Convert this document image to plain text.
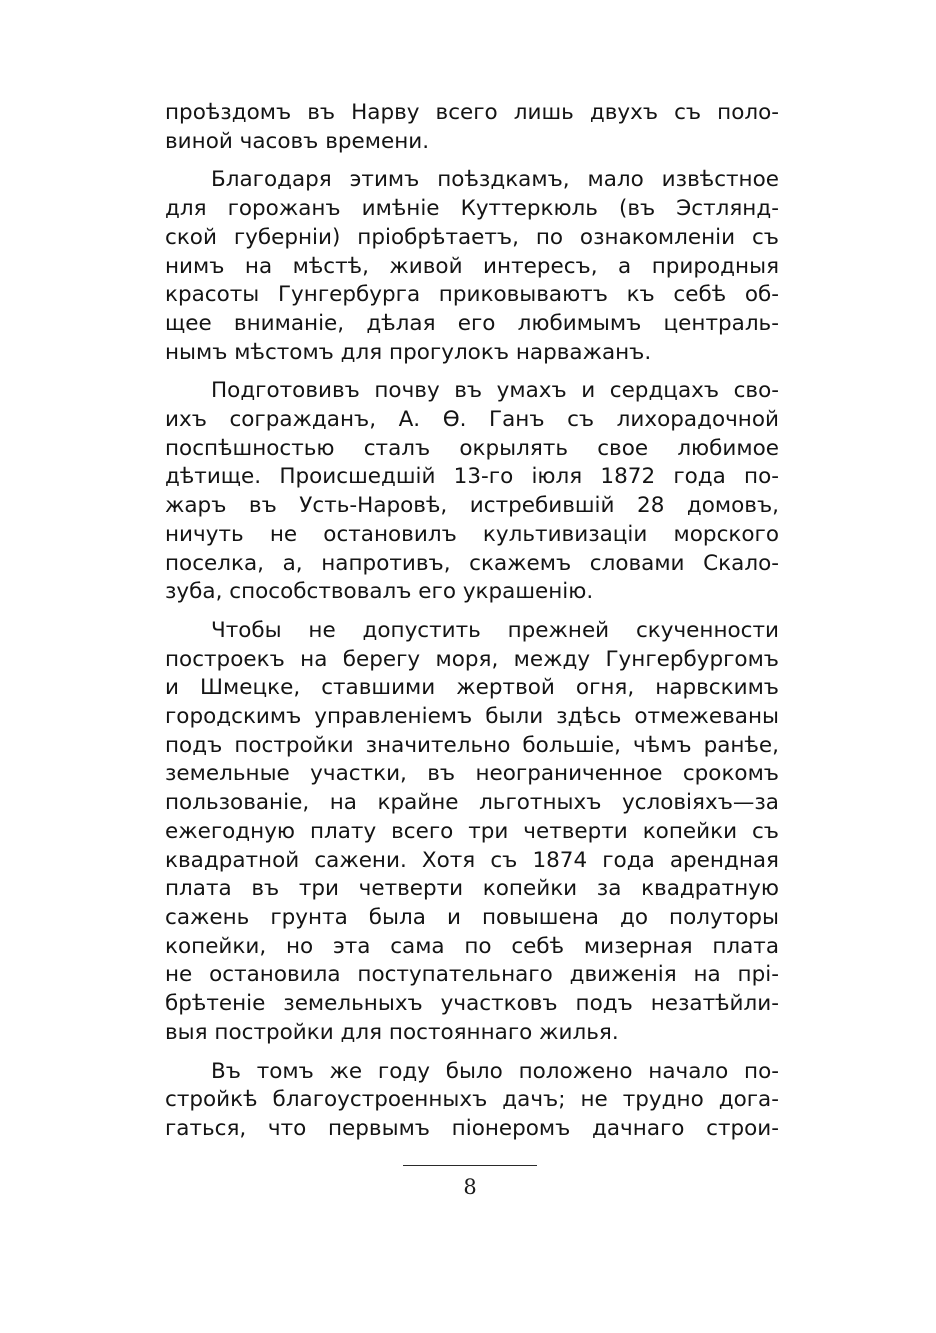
проѣздомъ въ Нарву всего лишь двухъ съ поло-
виной часовъ времени.

Благодаря этимъ поѣздкамъ, мало извѣстное
для горожанъ имѣніе Куттеркюль (въ Эстлянд-
ской губерніи) пріобрѣтаетъ, по ознакомленіи съ
нимъ на мѣстѣ, живой интересъ, а природныя
красоты Гунгербурга приковываютъ къ себѣ об-
щее вниманіе, дѣлая его любимымъ централь-
нымъ мѣстомъ для прогулокъ нарважанъ.

Подготовивъ почву въ умахъ и сердцахъ сво-
ихъ согражданъ, А. Ѳ. Ганъ съ лихорадочной
поспѣшностью сталъ окрылять свое любимое
дѣтище. Происшедшій 13-го іюля 1872 года по-
жаръ въ Усть-Наровѣ, истребившій 28 домовъ,
ничуть не остановилъ культивизаціи морского
поселка, а, напротивъ, скажемъ словами Скало-
зуба, способствовалъ его украшенію.

Чтобы не допустить прежней скученности
построекъ на берегу моря, между Гунгербургомъ
и Шмецке, ставшими жертвой огня, нарвскимъ
городскимъ управленіемъ были здѣсь отмежеваны
подъ постройки значительно большіе, чѣмъ ранѣе,
земельные участки, въ неограниченное срокомъ
пользованіе, на крайне льготныхъ условіяхъ—за
ежегодную плату всего три четверти копейки съ
квадратной сажени. Хотя съ 1874 года арендная
плата въ три четверти копейки за квадратную
сажень грунта была и повышена до полуторы
копейки, но эта сама по себѣ мизерная плата
не остановила поступательнаго движенія на прі-
брѣтеніе земельныхъ участковъ подъ незатѣйли-
выя постройки для постояннаго жилья.

Въ томъ же году было положено начало по-
стройкѣ благоустроенныхъ дачъ; не трудно дога-
гаться, что первымъ піонеромъ дачнаго строи-

8
